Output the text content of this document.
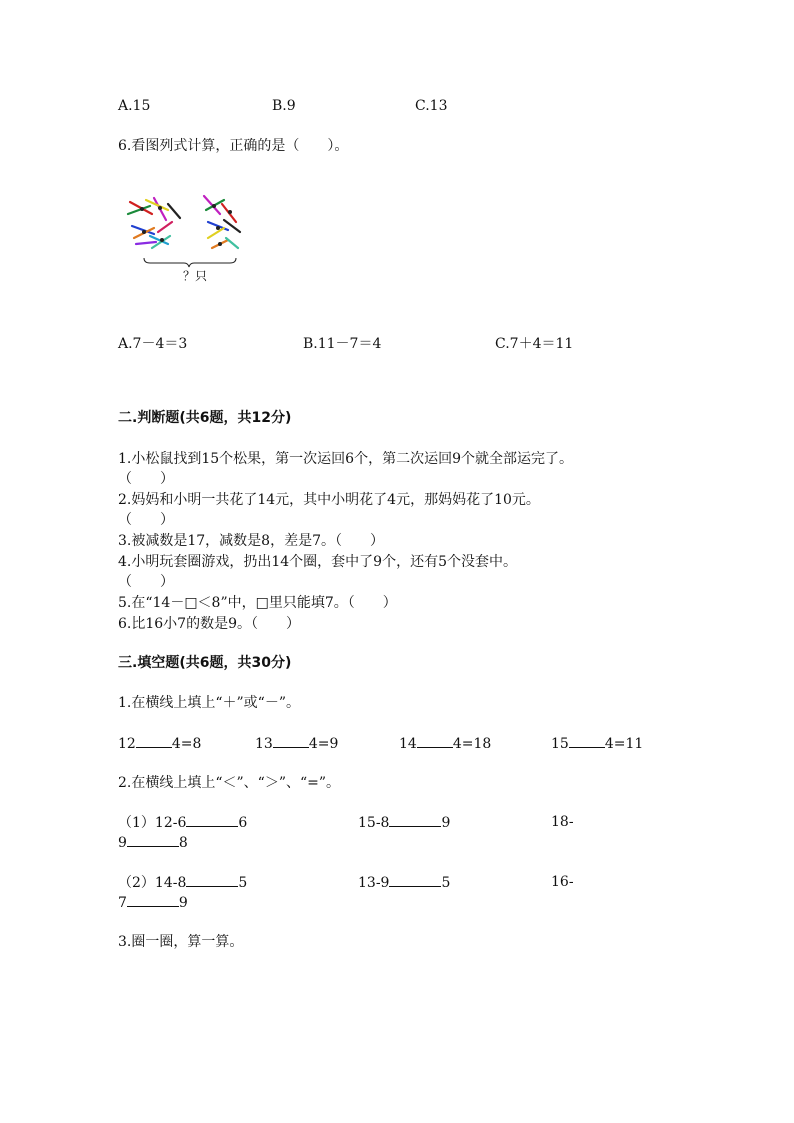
A.15	B.9	C.13
6.看图列式计算，正确的是（　　）。
？只
A.7－4＝3	B.11－7＝4	C.7＋4＝11
二.判断题(共6题，共12分)
1.小松鼠找到15个松果，第一次运回6个，第二次运回9个就全部运完了。
（　　）
2.妈妈和小明一共花了14元，其中小明花了4元，那妈妈花了10元。
（　　）
3.被减数是17，减数是8，差是7。（　　）
4.小明玩套圈游戏，扔出14个圈，套中了9个，还有5个没套中。
（　　）
5.在“14－□＜8”中，□里只能填7。（　　）
6.比16小7的数是9。（　　）
三.填空题(共6题，共30分)
1.在横线上填上“＋”或“－”。
12	4=8	13	4=9	14	4=18	15	4=11
2.在横线上填上“＜”、“＞”、“=”。
（1）12-6	6	15-8	9	18-
9	8
（2）14-8	5	13-9	5	16-
7	9
3.圈一圈，算一算。
